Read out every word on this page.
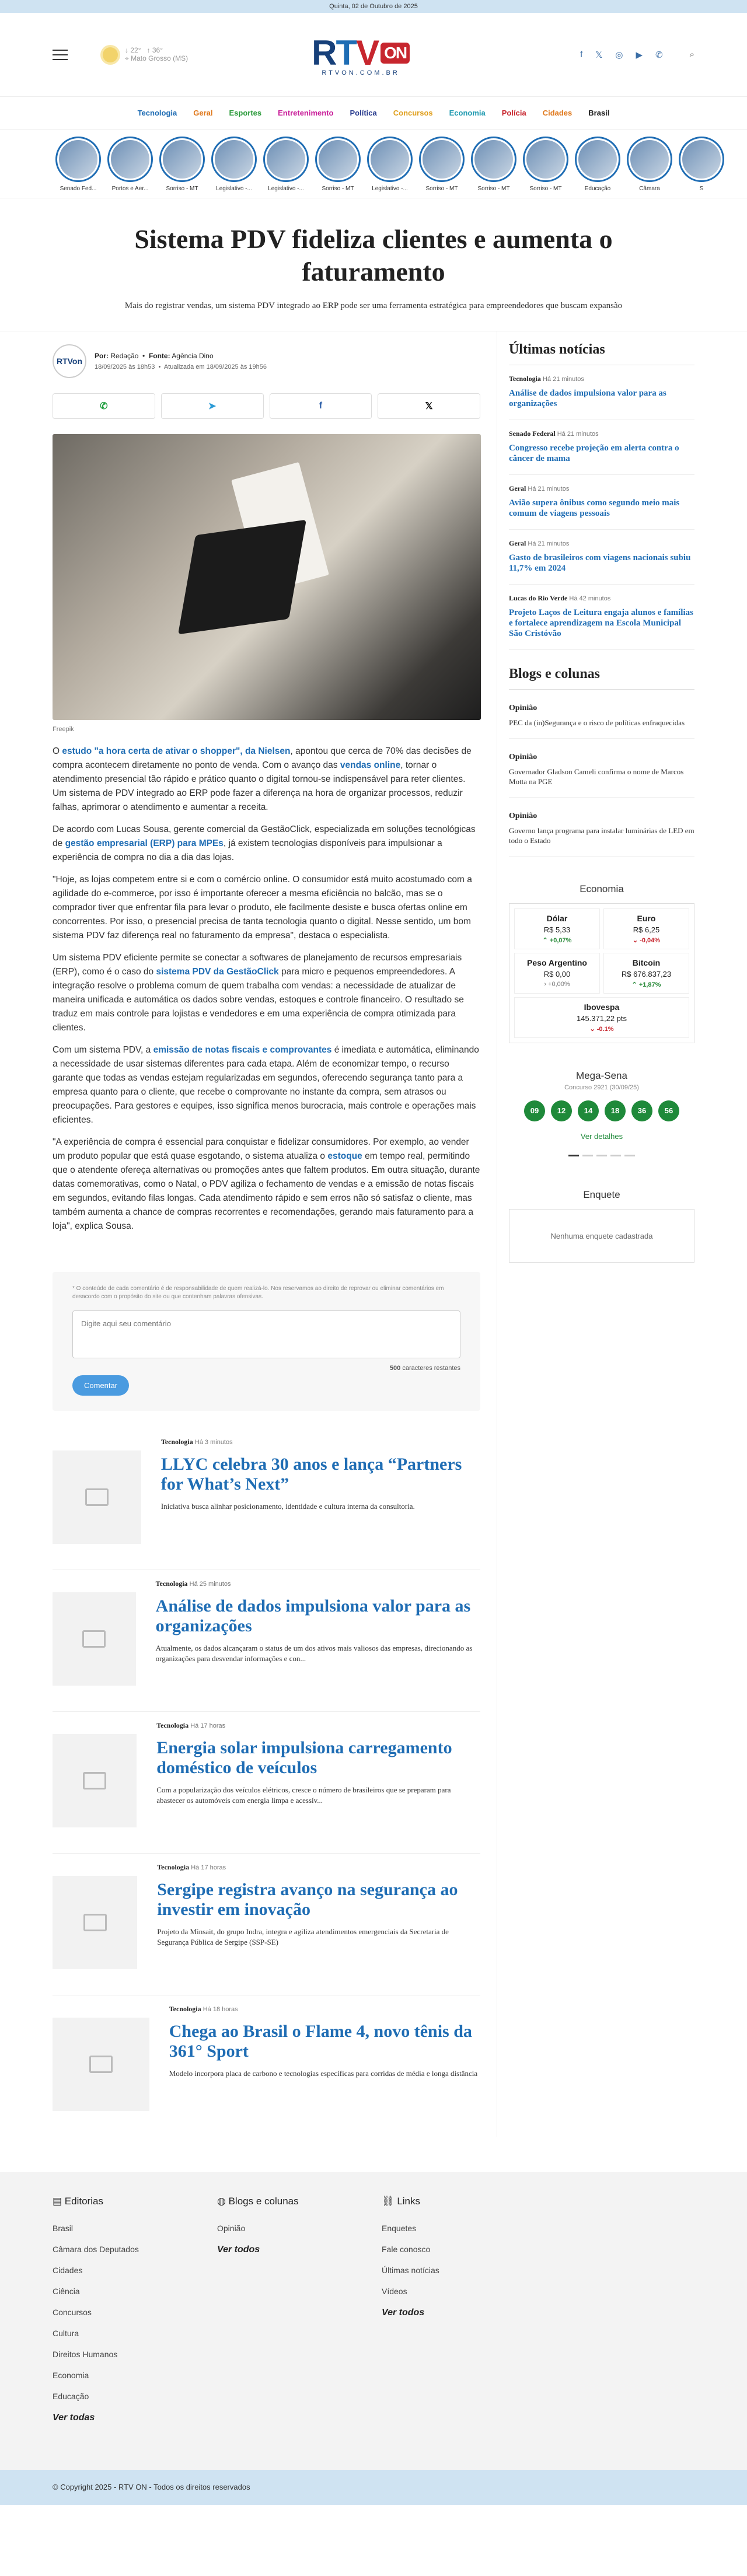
Quinta, 02 de Outubro de 2025
↓ 22°   ↑ 36°
⌖ Mato Grosso (MS)	R T V ON
RTVON.COM.BR
f 𝕏 ◎ ▶ ✆	⌕
Tecnologia Geral Esportes Entretenimento Política Concursos Economia Polícia Cidades Brasil
Senado Fed...	Portos e Aer...	Sorriso - MT	Legislativo -...	Legislativo -...	Sorriso - MT	Legislativo -...	Sorriso - MT	Sorriso - MT	Sorriso - MT	Educação	Câmara	S
Sistema PDV fideliza clientes e aumenta o faturamento

Mais do registrar vendas, um sistema PDV integrado ao ERP pode ser uma ferramenta estratégica para empreendedores que buscam expansão

RTVon
Por: Redação  •  Fonte: Agência Dino
18/09/2025 às 18h53  •  Atualizada em 18/09/2025 às 19h56
✆	➤	f	𝕏
Freepik

O estudo "a hora certa de ativar o shopper", da Nielsen, apontou que cerca de 70% das decisões de compra acontecem diretamente no ponto de venda. Com o avanço das vendas online, tornar o atendimento presencial tão rápido e prático quanto o digital tornou-se indispensável para reter clientes. Um sistema de PDV integrado ao ERP pode fazer a diferença na hora de organizar processos, reduzir falhas, aprimorar o atendimento e aumentar a receita.

De acordo com Lucas Sousa, gerente comercial da GestãoClick, especializada em soluções tecnológicas de gestão empresarial (ERP) para MPEs, já existem tecnologias disponíveis para impulsionar a experiência de compra no dia a dia das lojas.

"Hoje, as lojas competem entre si e com o comércio online. O consumidor está muito acostumado com a agilidade do e-commerce, por isso é importante oferecer a mesma eficiência no balcão, mas se o comprador tiver que enfrentar fila para levar o produto, ele facilmente desiste e busca ofertas online em concorrentes. Por isso, o presencial precisa de tanta tecnologia quanto o digital. Nesse sentido, um bom sistema PDV faz diferença real no faturamento da empresa", destaca o especialista.

Um sistema PDV eficiente permite se conectar a softwares de planejamento de recursos empresariais (ERP), como é o caso do sistema PDV da GestãoClick para micro e pequenos empreendedores. A integração resolve o problema comum de quem trabalha com vendas: a necessidade de atualizar de maneira unificada e automática os dados sobre vendas, estoques e controle financeiro. O resultado se traduz em mais controle para lojistas e vendedores e em uma experiência de compra otimizada para clientes.

Com um sistema PDV, a emissão de notas fiscais e comprovantes é imediata e automática, eliminando a necessidade de usar sistemas diferentes para cada etapa. Além de economizar tempo, o recurso garante que todas as vendas estejam regularizadas em segundos, oferecendo segurança tanto para a empresa quanto para o cliente, que recebe o comprovante no instante da compra, sem atrasos ou preocupações. Para gestores e equipes, isso significa menos burocracia, mais controle e operações mais eficientes.

"A experiência de compra é essencial para conquistar e fidelizar consumidores. Por exemplo, ao vender um produto popular que está quase esgotando, o sistema atualiza o estoque em tempo real, permitindo que o atendente ofereça alternativas ou promoções antes que faltem produtos. Em outra situação, durante datas comemorativas, como o Natal, o PDV agiliza o fechamento de vendas e a emissão de notas fiscais em segundos, evitando filas longas. Cada atendimento rápido e sem erros não só satisfaz o cliente, mas também aumenta a chance de compras recorrentes e recomendações, gerando mais faturamento para a loja", explica Sousa.

* O conteúdo de cada comentário é de responsabilidade de quem realizá-lo. Nos reservamos ao direito de reprovar ou eliminar comentários em desacordo com o propósito do site ou que contenham palavras ofensivas.
Digite aqui seu comentário
500 caracteres restantes
Comentar
Tecnologia Há 3 minutos
LLYC celebra 30 anos e lança “Partners for What’s Next”

Iniciativa busca alinhar posicionamento, identidade e cultura interna da consultoria.

Tecnologia Há 25 minutos
Análise de dados impulsiona valor para as organizações

Atualmente, os dados alcançaram o status de um dos ativos mais valiosos das empresas, direcionando as organizações para desvendar informações e con...

Tecnologia Há 17 horas
Energia solar impulsiona carregamento doméstico de veículos

Com a popularização dos veículos elétricos, cresce o número de brasileiros que se preparam para abastecer os automóveis com energia limpa e acessív...

Tecnologia Há 17 horas
Sergipe registra avanço na segurança ao investir em inovação

Projeto da Minsait, do grupo Indra, integra e agiliza atendimentos emergenciais da Secretaria de Segurança Pública de Sergipe (SSP-SE)

Tecnologia Há 18 horas
Chega ao Brasil o Flame 4, novo tênis da 361° Sport

Modelo incorpora placa de carbono e tecnologias específicas para corridas de média e longa distância

Últimas notícias
Tecnologia Há 21 minutos
Análise de dados impulsiona valor para as organizações
Senado Federal Há 21 minutos
Congresso recebe projeção em alerta contra o câncer de mama
Geral Há 21 minutos
Avião supera ônibus como segundo meio mais comum de viagens pessoais
Geral Há 21 minutos
Gasto de brasileiros com viagens nacionais subiu 11,7% em 2024
Lucas do Rio Verde Há 42 minutos
Projeto Laços de Leitura engaja alunos e famílias e fortalece aprendizagem na Escola Municipal São Cristóvão
Blogs e colunas
Opinião
PEC da (in)Segurança e o risco de políticas enfraquecidas
Opinião
Governador Gladson Cameli confirma o nome de Marcos Motta na PGE
Opinião
Governo lança programa para instalar luminárias de LED em todo o Estado
Economia
Dólar
R$ 5,33
⌃ +0,07%
Euro
R$ 6,25
⌄ -0,04%
Peso Argentino
R$ 0,00
› +0,00%
Bitcoin
R$ 676.837,23
⌃ +1,87%
Ibovespa
145.371,22 pts
⌄ -0.1%
Mega-Sena
Concurso 2921 (30/09/25)
09	12	14	18	36	56
Ver detalhes
Enquete
Nenhuma enquete cadastrada
▤ Editorias
Brasil
Câmara dos Deputados
Cidades
Ciência
Concursos
Cultura
Direitos Humanos
Economia
Educação
Ver todas
◍ Blogs e colunas
Opinião
Ver todos
⛓ Links
Enquetes
Fale conosco
Últimas notícias
Vídeos
Ver todos
© Copyright 2025 - RTV ON - Todos os direitos reservados
